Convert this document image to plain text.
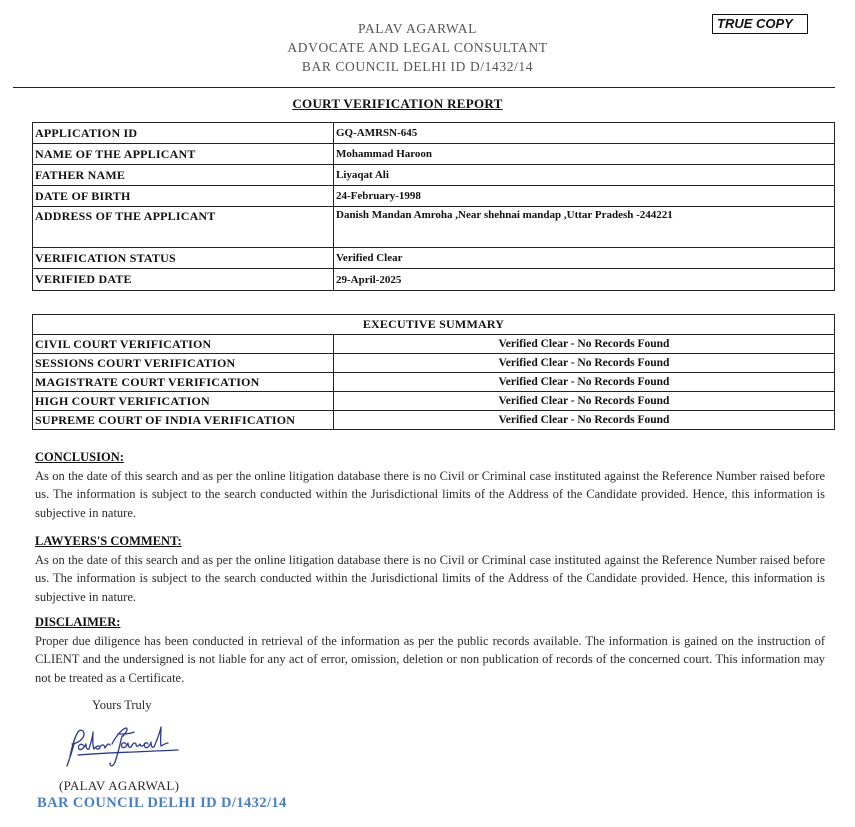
PALAV AGARWAL
ADVOCATE AND LEGAL CONSULTANT
BAR COUNCIL DELHI ID D/1432/14
TRUE COPY
COURT VERIFICATION REPORT
APPLICATION ID	GQ-AMRSN-645
NAME OF THE APPLICANT	Mohammad Haroon
FATHER NAME	Liyaqat Ali
DATE OF BIRTH	24-February-1998
ADDRESS OF THE APPLICANT	Danish Mandan Amroha ,Near shehnai mandap ,Uttar Pradesh -244221
VERIFICATION STATUS	Verified Clear
VERIFIED DATE	29-April-2025
EXECUTIVE SUMMARY	
CIVIL COURT VERIFICATION	Verified Clear - No Records Found
SESSIONS COURT VERIFICATION	Verified Clear - No Records Found
MAGISTRATE COURT VERIFICATION	Verified Clear - No Records Found
HIGH COURT VERIFICATION	Verified Clear - No Records Found
SUPREME COURT OF INDIA VERIFICATION	Verified Clear - No Records Found
CONCLUSION:
As on the date of this search and as per the online litigation database there is no Civil or Criminal case instituted against the Reference Number raised before us. The information is subject to the search conducted within the Jurisdictional limits of the Address of the Candidate provided. Hence, this information is subjective in nature.
LAWYERS'S COMMENT:
As on the date of this search and as per the online litigation database there is no Civil or Criminal case instituted against the Reference Number raised before us. The information is subject to the search conducted within the Jurisdictional limits of the Address of the Candidate provided. Hence, this information is subjective in nature.
DISCLAIMER:
Proper due diligence has been conducted in retrieval of the information as per the public records available. The information is gained on the instruction of CLIENT and the undersigned is not liable for any act of error, omission, deletion or non publication of records of the concerned court. This information may not be treated as a Certificate.
Yours Truly
(PALAV AGARWAL)
BAR COUNCIL DELHI ID D/1432/14
